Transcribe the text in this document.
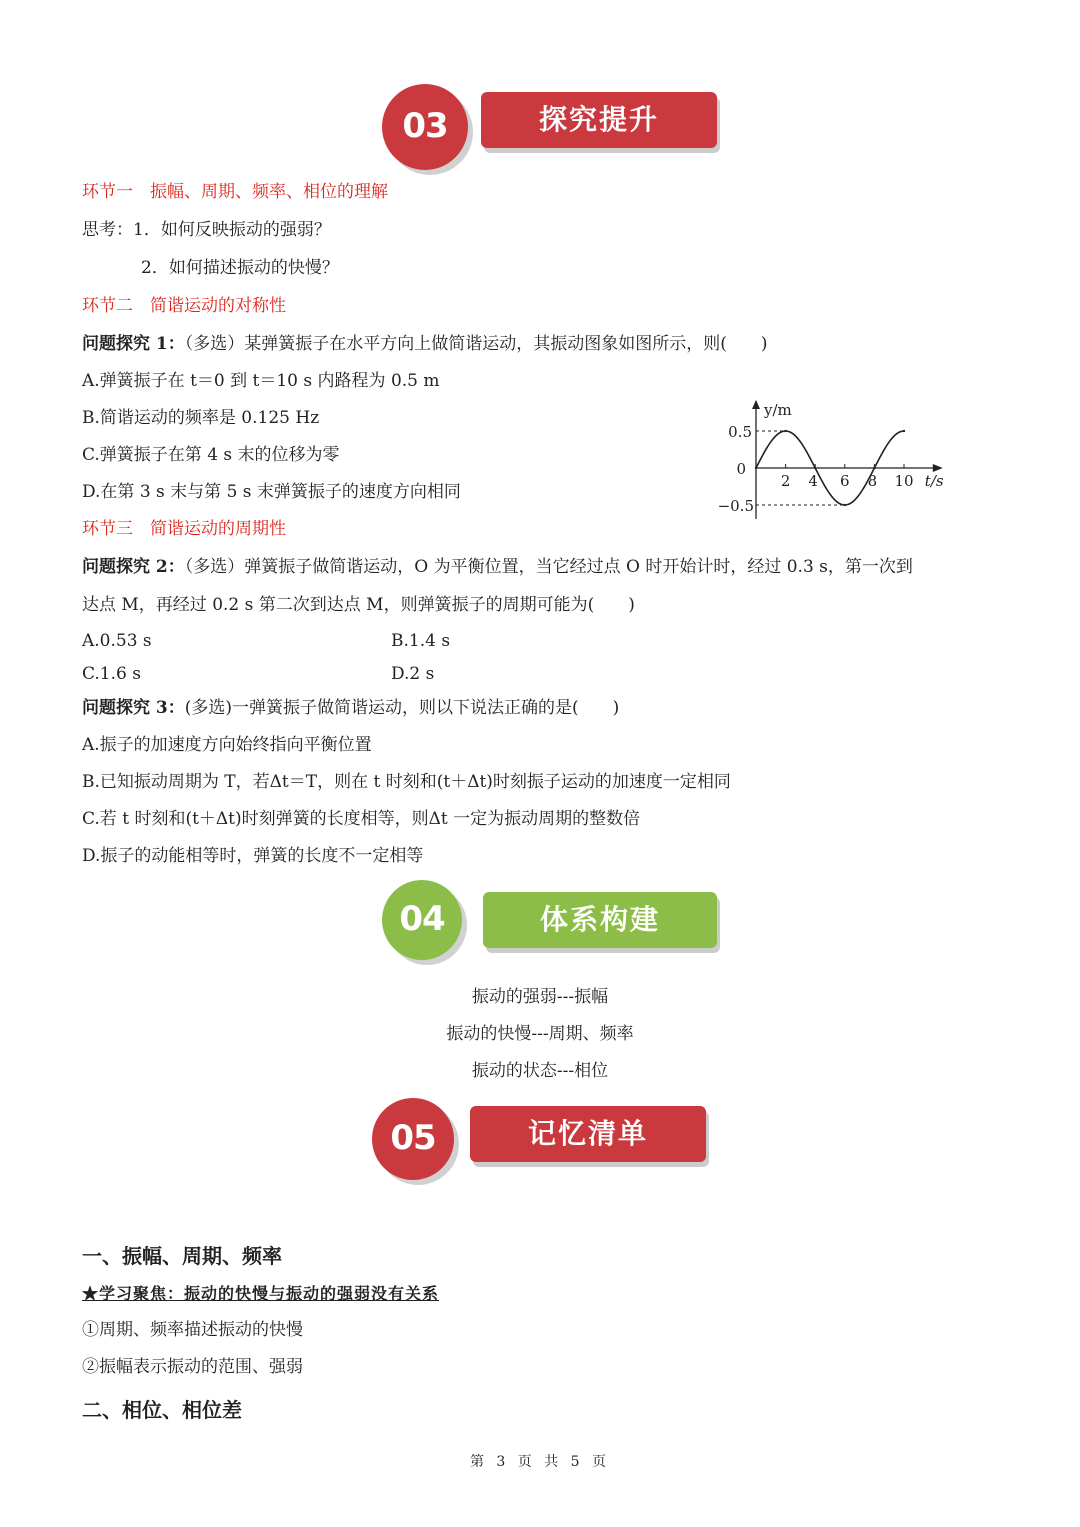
03	探究提升
环节一　振幅、周期、频率、相位的理解
思考：1．如何反映振动的强弱？
2．如何描述振动的快慢？
环节二　简谐运动的对称性
问题探究 1：（多选）某弹簧振子在水平方向上做简谐运动，其振动图象如图所示，则(　　)
A.弹簧振子在 t＝0 到 t＝10 s 内路程为 0.5 m
B.简谐运动的频率是 0.125 Hz
C.弹簧振子在第 4 s 末的位移为零
D.在第 3 s 末与第 5 s 末弹簧振子的速度方向相同
y/m
t/s
0.5
0
−0.5
2 4 6 8 10
环节三　简谐运动的周期性
问题探究 2：（多选）弹簧振子做简谐运动，O 为平衡位置，当它经过点 O 时开始计时，经过 0.3 s，第一次到
达点 M，再经过 0.2 s 第二次到达点 M，则弹簧振子的周期可能为(　　)
A.0.53 s	B.1.4 s
C.1.6 s	D.2 s
问题探究 3：(多选)一弹簧振子做简谐运动，则以下说法正确的是(　　)
A.振子的加速度方向始终指向平衡位置
B.已知振动周期为 T，若Δt＝T，则在 t 时刻和(t＋Δt)时刻振子运动的加速度一定相同
C.若 t 时刻和(t＋Δt)时刻弹簧的长度相等，则Δt 一定为振动周期的整数倍
D.振子的动能相等时，弹簧的长度不一定相等
04	体系构建
振动的强弱---振幅
振动的快慢---周期、频率
振动的状态---相位
05	记忆清单
一、振幅、周期、频率
★学习聚焦：振动的快慢与振动的强弱没有关系
①周期、频率描述振动的快慢
②振幅表示振动的范围、强弱
二、相位、相位差
第 3 页 共 5 页
